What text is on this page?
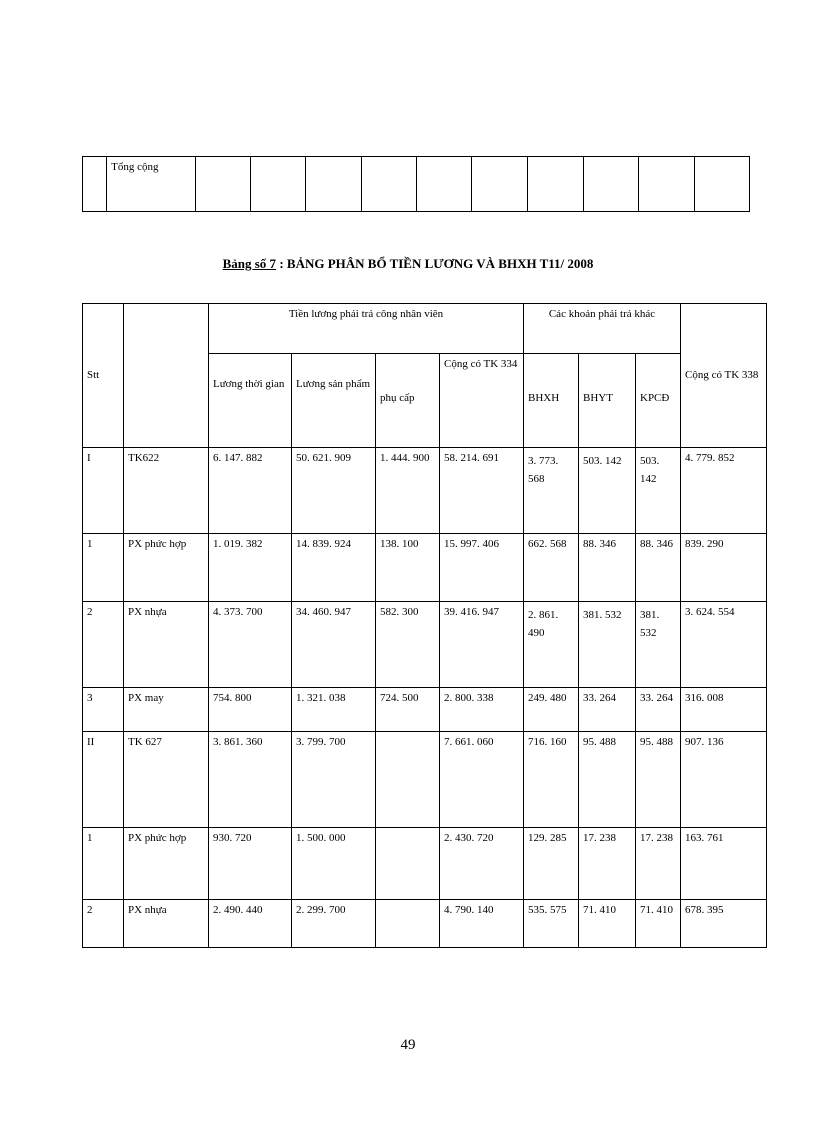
	Tổng cộng										
Bảng số 7 : BẢNG PHÂN BỔ TIỀN LƯƠNG VÀ BHXH T11/ 2008
Stt		Tiền lương phải trả công nhân viên				Các khoản phải trả khác			Cộng có TK 338
		Lương thời gian	Lương sản phẩm	phụ cấp	Cộng có TK 334	BHXH	BHYT	KPCĐ	
I	TK622	6. 147. 882	50. 621. 909	1. 444. 900	58. 214. 691	3. 773. 568	503. 142	503. 142	4. 779. 852
1	PX phức hợp	1. 019. 382	14. 839. 924	138. 100	15. 997. 406	662. 568	88. 346	88. 346	839. 290
2	PX nhựa	4. 373. 700	34. 460. 947	582. 300	39. 416. 947	2. 861. 490	381. 532	381. 532	3. 624. 554
3	PX may	754. 800	1. 321. 038	724. 500	2. 800. 338	249. 480	33. 264	33. 264	316. 008
II	TK 627	3. 861. 360	3. 799. 700		7. 661. 060	716. 160	95. 488	95. 488	907. 136
1	PX phức hợp	930. 720	1. 500. 000		2. 430. 720	129. 285	17. 238	17. 238	163. 761
2	PX nhựa	2. 490. 440	2. 299. 700		4. 790. 140	535. 575	71. 410	71. 410	678. 395
49
